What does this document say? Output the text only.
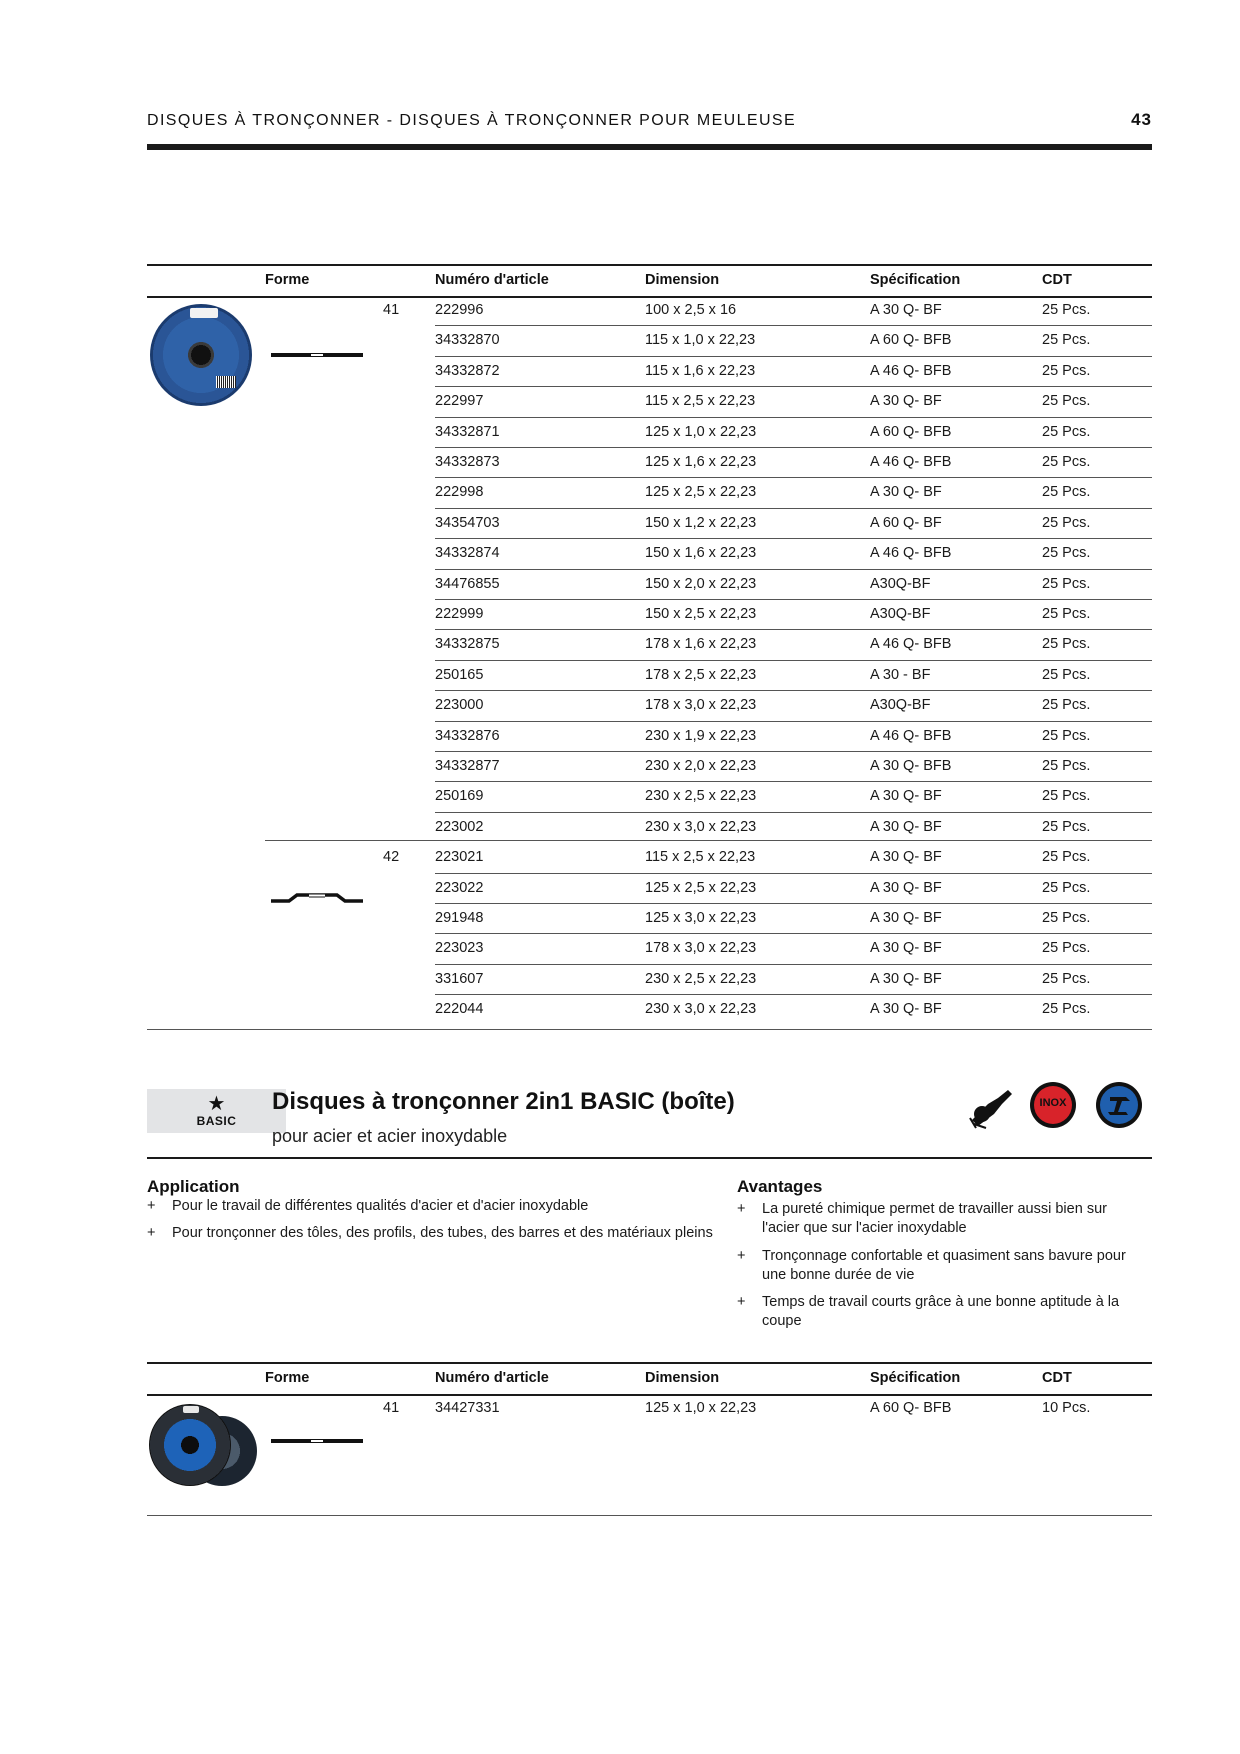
DISQUES À TRONÇONNER - DISQUES À TRONÇONNER POUR MEULEUSE	43
Forme	Numéro d'article	Dimension	Spécification	CDT
41 222996	100 x 2,5 x 16	A 30 Q- BF	25 Pcs.
34332870	115 x 1,0 x 22,23	A 60 Q- BFB	25 Pcs.
34332872	115 x 1,6 x 22,23	A 46 Q- BFB	25 Pcs.
222997	115 x 2,5 x 22,23	A 30 Q- BF	25 Pcs.
34332871	125 x 1,0 x 22,23	A 60 Q- BFB	25 Pcs.
34332873	125 x 1,6 x 22,23	A 46 Q- BFB	25 Pcs.
222998	125 x 2,5 x 22,23	A 30 Q- BF	25 Pcs.
34354703	150 x 1,2 x 22,23	A 60 Q- BF	25 Pcs.
34332874	150 x 1,6 x 22,23	A 46 Q- BFB	25 Pcs.
34476855	150 x 2,0 x 22,23	A30Q-BF	25 Pcs.
222999	150 x 2,5 x 22,23	A30Q-BF	25 Pcs.
34332875	178 x 1,6 x 22,23	A 46 Q- BFB	25 Pcs.
250165	178 x 2,5 x 22,23	A 30 - BF	25 Pcs.
223000	178 x 3,0 x 22,23	A30Q-BF	25 Pcs.
34332876	230 x 1,9 x 22,23	A 46 Q- BFB	25 Pcs.
34332877	230 x 2,0 x 22,23	A 30 Q- BFB	25 Pcs.
250169	230 x 2,5 x 22,23	A 30 Q- BF	25 Pcs.
223002	230 x 3,0 x 22,23	A 30 Q- BF	25 Pcs.
42 223021	115 x 2,5 x 22,23	A 30 Q- BF	25 Pcs.
223022	125 x 2,5 x 22,23	A 30 Q- BF	25 Pcs.
291948	125 x 3,0 x 22,23	A 30 Q- BF	25 Pcs.
223023	178 x 3,0 x 22,23	A 30 Q- BF	25 Pcs.
331607	230 x 2,5 x 22,23	A 30 Q- BF	25 Pcs.
222044	230 x 3,0 x 22,23	A 30 Q- BF	25 Pcs.
★
BASIC
Disques à tronçonner 2in1 BASIC (boîte)
pour acier et acier inoxydable
INOX
Application
+ Pour le travail de différentes qualités d'acier et d'acier inoxydable
+ Pour tronçonner des tôles, des profils, des tubes, des barres et des matériaux pleins
Avantages
+ La pureté chimique permet de travailler aussi bien sur
l'acier que sur l'acier inoxydable
+ Tronçonnage confortable et quasiment sans bavure pour
une bonne durée de vie
+ Temps de travail courts grâce à une bonne aptitude à la
coupe
Forme	Numéro d'article	Dimension	Spécification	CDT
41 34427331	125 x 1,0 x 22,23	A 60 Q- BFB	10 Pcs.
